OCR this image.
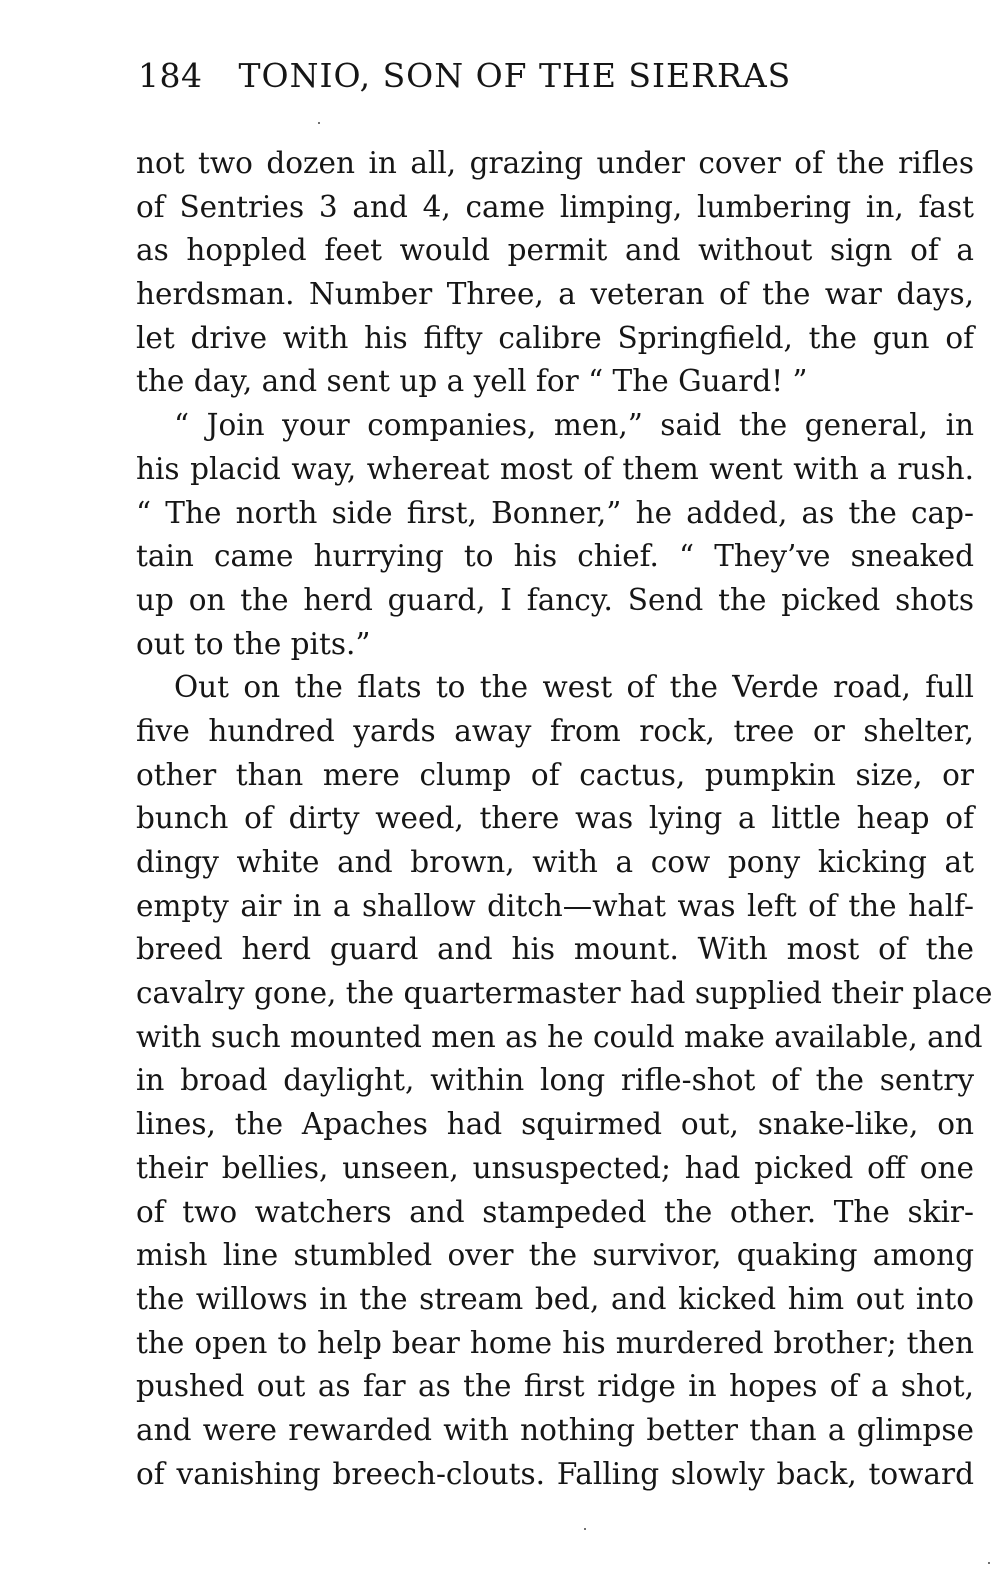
184 TONIO, SON OF THE SIERRAS
not two dozen in all, grazing under cover of the rifles
of Sentries 3 and 4, came limping, lumbering in, fast
as hoppled feet would permit and without sign of a
herdsman. Number Three, a veteran of the war days,
let drive with his fifty calibre Springfield, the gun of
the day, and sent up a yell for “ The Guard! ”
“ Join your companies, men,” said the general, in
his placid way, whereat most of them went with a rush.
“ The north side first, Bonner,” he added, as the cap-
tain came hurrying to his chief. “ They’ve sneaked
up on the herd guard, I fancy. Send the picked shots
out to the pits.”
Out on the flats to the west of the Verde road, full
five hundred yards away from rock, tree or shelter,
other than mere clump of cactus, pumpkin size, or
bunch of dirty weed, there was lying a little heap of
dingy white and brown, with a cow pony kicking at
empty air in a shallow ditch—what was left of the half-
breed herd guard and his mount. With most of the
cavalry gone, the quartermaster had supplied their place
with such mounted men as he could make available, and
in broad daylight, within long rifle-shot of the sentry
lines, the Apaches had squirmed out, snake-like, on
their bellies, unseen, unsuspected; had picked off one
of two watchers and stampeded the other. The skir-
mish line stumbled over the survivor, quaking among
the willows in the stream bed, and kicked him out into
the open to help bear home his murdered brother; then
pushed out as far as the first ridge in hopes of a shot,
and were rewarded with nothing better than a glimpse
of vanishing breech-clouts. Falling slowly back, toward
